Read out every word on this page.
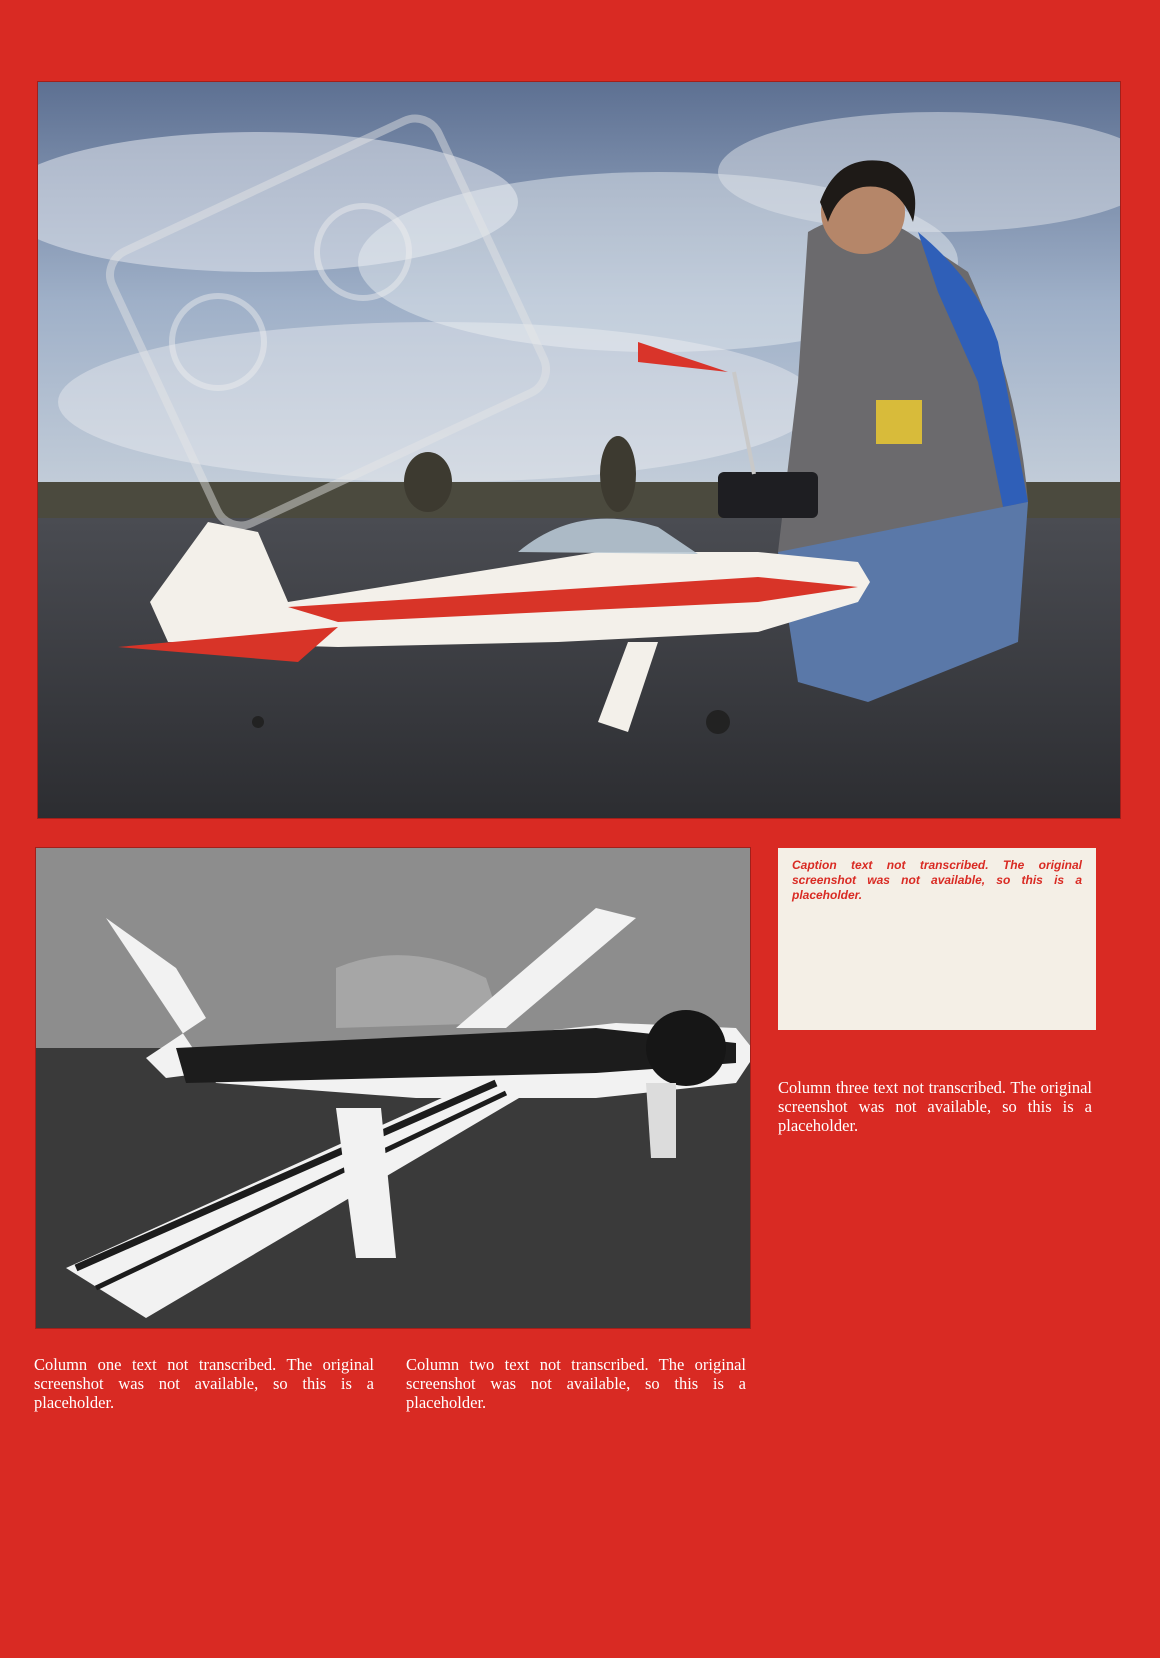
Caption text not transcribed. The original screenshot was not available, so this is a placeholder.

Column three text not transcribed. The original screenshot was not available, so this is a placeholder.

Column one text not transcribed. The original screenshot was not available, so this is a placeholder.

Column two text not transcribed. The original screenshot was not available, so this is a placeholder.
